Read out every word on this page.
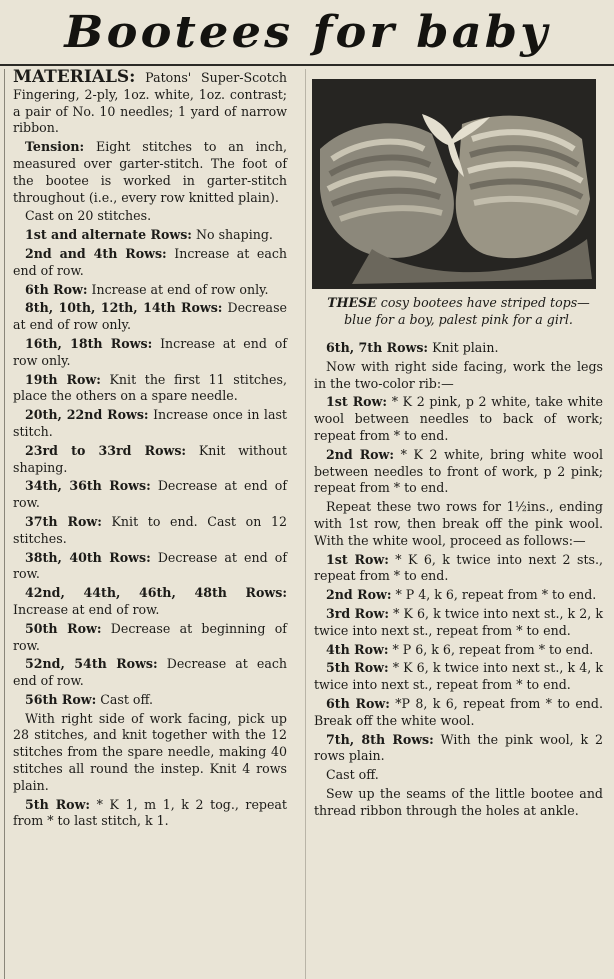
Bootees for baby

MATERIALS: Patons' Super-Scotch Fingering, 2-ply, 1oz. white, 1oz. contrast; a pair of No. 10 needles; 1 yard of narrow ribbon.

Tension: Eight stitches to an inch, measured over garter-stitch. The foot of the bootee is worked in garter-stitch throughout (i.e., every row knitted plain).

Cast on 20 stitches.

1st and alternate Rows: No shaping.

2nd and 4th Rows: Increase at each end of row.

6th Row: Increase at end of row only.

8th, 10th, 12th, 14th Rows: Decrease at end of row only.

16th, 18th Rows: Increase at end of row only.

19th Row: Knit the first 11 stitches, place the others on a spare needle.

20th, 22nd Rows: Increase once in last stitch.

23rd to 33rd Rows: Knit without shaping.

34th, 36th Rows: Decrease at end of row.

37th Row: Knit to end. Cast on 12 stitches.

38th, 40th Rows: Decrease at end of row.

42nd, 44th, 46th, 48th Rows: Increase at end of row.

50th Row: Decrease at beginning of row.

52nd, 54th Rows: Decrease at each end of row.

56th Row: Cast off.

With right side of work facing, pick up 28 stitches, and knit together with the 12 stitches from the spare needle, making 40 stitches all round the instep. Knit 4 rows plain.

5th Row: * K 1, m 1, k 2 tog., repeat from * to last stitch, k 1.

THESE cosy bootees have striped tops—blue for a boy, palest pink for a girl.

6th, 7th Rows: Knit plain.

Now with right side facing, work the legs in the two-color rib:—

1st Row: * K 2 pink, p 2 white, take white wool between needles to back of work; repeat from * to end.

2nd Row: * K 2 white, bring white wool between needles to front of work, p 2 pink; repeat from * to end.

Repeat these two rows for 1½ins., ending with 1st row, then break off the pink wool. With the white wool, proceed as follows:—

1st Row: * K 6, k twice into next 2 sts., repeat from * to end.

2nd Row: * P 4, k 6, repeat from * to end.

3rd Row: * K 6, k twice into next st., k 2, k twice into next st., repeat from * to end.

4th Row: * P 6, k 6, repeat from * to end.

5th Row: * K 6, k twice into next st., k 4, k twice into next st., repeat from * to end.

6th Row: *P 8, k 6, repeat from * to end. Break off the white wool.

7th, 8th Rows: With the pink wool, k 2 rows plain.

Cast off.

Sew up the seams of the little bootee and thread ribbon through the holes at ankle.
